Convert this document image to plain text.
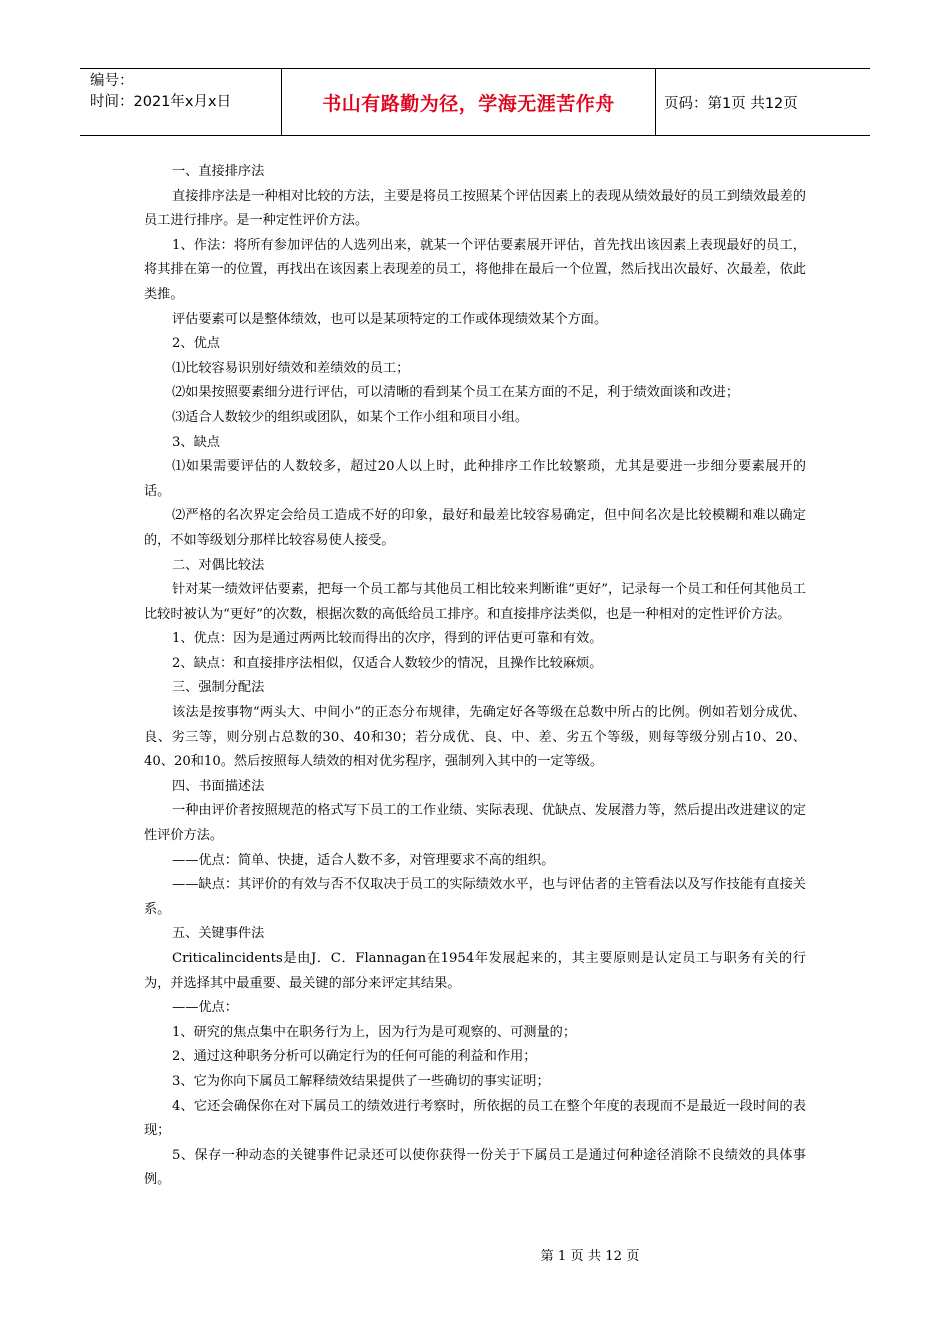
编号：
时间：2021年x月x日	书山有路勤为径，学海无涯苦作舟	页码：第1页 共12页

一、直接排序法

直接排序法是一种相对比较的方法，主要是将员工按照某个评估因素上的表现从绩效最好的员工到绩效最差的员工进行排序。是一种定性评价方法。

1、作法：将所有参加评估的人选列出来，就某一个评估要素展开评估，首先找出该因素上表现最好的员工，将其排在第一的位置，再找出在该因素上表现差的员工，将他排在最后一个位置，然后找出次最好、次最差，依此类推。

评估要素可以是整体绩效，也可以是某项特定的工作或体现绩效某个方面。

2、优点

⑴比较容易识别好绩效和差绩效的员工；

⑵如果按照要素细分进行评估，可以清晰的看到某个员工在某方面的不足，利于绩效面谈和改进；

⑶适合人数较少的组织或团队，如某个工作小组和项目小组。

3、缺点

⑴如果需要评估的人数较多，超过20人以上时，此种排序工作比较繁琐，尤其是要进一步细分要素展开的话。

⑵严格的名次界定会给员工造成不好的印象，最好和最差比较容易确定，但中间名次是比较模糊和难以确定的，不如等级划分那样比较容易使人接受。

二、对偶比较法

针对某一绩效评估要素，把每一个员工都与其他员工相比较来判断谁“更好”，记录每一个员工和任何其他员工比较时被认为“更好”的次数，根据次数的高低给员工排序。和直接排序法类似，也是一种相对的定性评价方法。

1、优点：因为是通过两两比较而得出的次序，得到的评估更可靠和有效。

2、缺点：和直接排序法相似，仅适合人数较少的情况，且操作比较麻烦。

三、强制分配法

该法是按事物“两头大、中间小”的正态分布规律，先确定好各等级在总数中所占的比例。例如若划分成优、良、劣三等，则分别占总数的30、40和30；若分成优、良、中、差、劣五个等级，则每等级分别占10、20、40、20和10。然后按照每人绩效的相对优劣程序，强制列入其中的一定等级。

四、书面描述法

一种由评价者按照规范的格式写下员工的工作业绩、实际表现、优缺点、发展潜力等，然后提出改进建议的定性评价方法。

——优点：简单、快捷，适合人数不多，对管理要求不高的组织。

——缺点：其评价的有效与否不仅取决于员工的实际绩效水平，也与评估者的主管看法以及写作技能有直接关系。

五、关键事件法

Criticalincidents是由J．C．Flannagan在1954年发展起来的，其主要原则是认定员工与职务有关的行为，并选择其中最重要、最关键的部分来评定其结果。

——优点：

1、研究的焦点集中在职务行为上，因为行为是可观察的、可测量的；

2、通过这种职务分析可以确定行为的任何可能的利益和作用；

3、它为你向下属员工解释绩效结果提供了一些确切的事实证明；

4、它还会确保你在对下属员工的绩效进行考察时，所依据的员工在整个年度的表现而不是最近一段时间的表现；

5、保存一种动态的关键事件记录还可以使你获得一份关于下属员工是通过何种途径消除不良绩效的具体事例。

第 1 页 共 12 页
